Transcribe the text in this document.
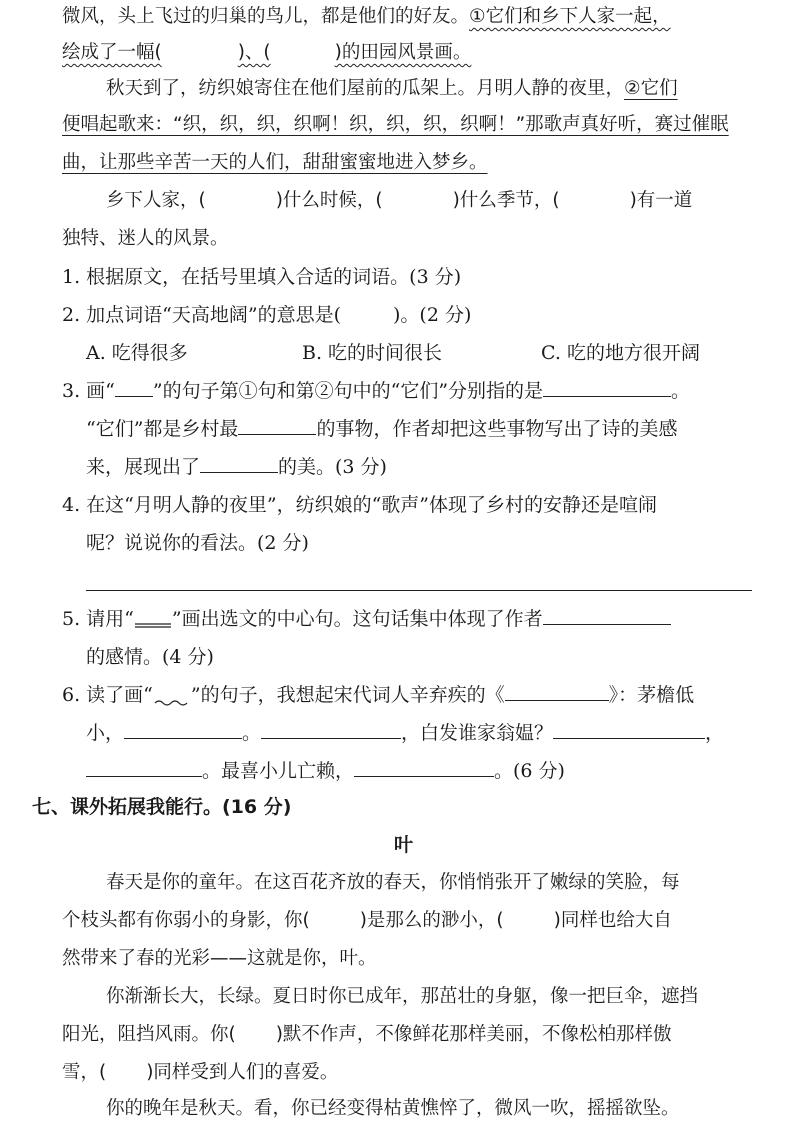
微风，头上飞过的归巢的鸟儿，都是他们的好友。①它们和乡下人家一起，
绘成了一幅(	)、(	)的田园风景画。
秋天到了，纺织娘寄住在他们屋前的瓜架上。月明人静的夜里，②它们
便唱起歌来：“织，织，织，织啊！织，织，织，织啊！”那歌声真好听，赛过催眠
曲，让那些辛苦一天的人们，甜甜蜜蜜地进入梦乡。
乡下人家，(	)什么时候，(	)什么季节，(	)有一道
独特、迷人的风景。
1. 根据原文，在括号里填入合适的词语。(3 分)
2. 加点词语“天高地阔”的意思是(	)。(2 分)
A. 吃得很多	B. 吃的时间很长	C. 吃的地方很开阔
3. 画“ ”的句子第①句和第②句中的“它们”分别指的是	。
“它们”都是乡村最	的事物，作者却把这些事物写出了诗的美感
来，展现出了	的美。(3 分)
4. 在这“月明人静的夜里”，纺织娘的“歌声”体现了乡村的安静还是喧闹
呢？说说你的看法。(2 分)
5. 请用“ ”画出选文的中心句。这句话集中体现了作者
的感情。(4 分)
6. 读了画“ ”的句子，我想起宋代词人辛弃疾的《	》：茅檐低
小，	。	，白发谁家翁媪？	，
。最喜小儿亡赖，	。(6 分)
七、课外拓展我能行。(16 分)
叶
春天是你的童年。在这百花齐放的春天，你悄悄张开了嫩绿的笑脸，每
个枝头都有你弱小的身影，你(	)是那么的渺小，(	)同样也给大自
然带来了春的光彩——这就是你，叶。
你渐渐长大，长绿。夏日时你已成年，那茁壮的身躯，像一把巨伞，遮挡
阳光，阻挡风雨。你( )默不作声，不像鲜花那样美丽，不像松柏那样傲
雪，( )同样受到人们的喜爱。
你的晚年是秋天。看，你已经变得枯黄憔悴了，微风一吹，摇摇欲坠。
